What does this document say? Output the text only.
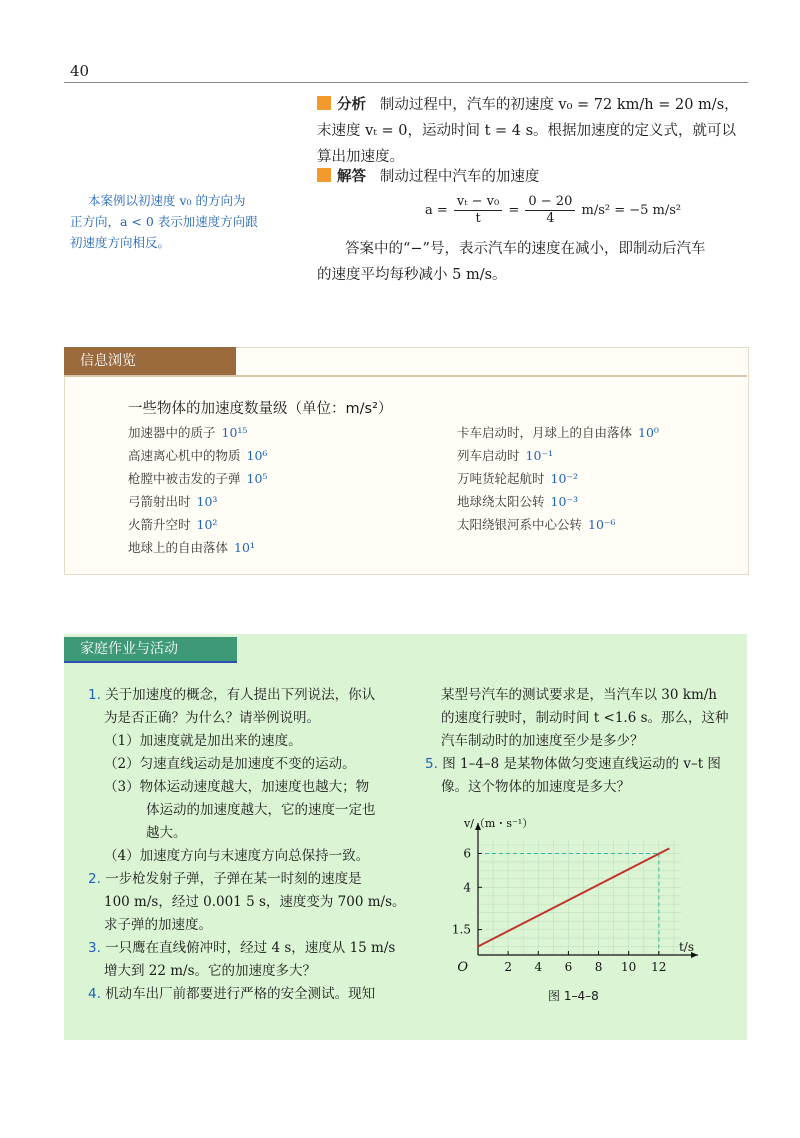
40
分析 制动过程中，汽车的初速度 v₀ = 72 km/h = 20 m/s，
末速度 vₜ = 0，运动时间 t = 4 s。根据加速度的定义式，就可以
算出加速度。
解答 制动过程中汽车的加速度
$a = \frac{\text{vₜ − v₀}}{t} = \frac{0 - 20}{4} m/s^2 = -5$ m/s²
答案中的“−”号，表示汽车的速度在减小，即制动后汽车
的速度平均每秒减小 5 m/s。
本案例以初速度 v₀ 的方向为
正方向，a < 0 表示加速度方向跟
初速度方向相反。
信息浏览
一些物体的加速度数量级（单位：m/s²）
加速器中的质子 10¹⁵
高速离心机中的物质 10⁶
枪膛中被击发的子弹 10⁵
弓箭射出时 10³
火箭升空时 10²
地球上的自由落体 10¹
卡车启动时，月球上的自由落体 10⁰
列车启动时 10⁻¹
万吨货轮起航时 10⁻²
地球绕太阳公转 10⁻³
太阳绕银河系中心公转 10⁻⁶
家庭作业与活动
1. 关于加速度的概念，有人提出下列说法，你认
为是否正确？为什么？请举例说明。
（1）加速度就是加出来的速度。
（2）匀速直线运动是加速度不变的运动。
（3）物体运动速度越大，加速度也越大；物
体运动的加速度越大，它的速度一定也
越大。
（4）加速度方向与末速度方向总保持一致。
2. 一步枪发射子弹，子弹在某一时刻的速度是
100 m/s，经过 0.001 5 s，速度变为 700 m/s。
求子弹的加速度。
3. 一只鹰在直线俯冲时，经过 4 s，速度从 15 m/s
增大到 22 m/s。它的加速度多大？
4. 机动车出厂前都要进行严格的安全测试。现知
某型号汽车的测试要求是，当汽车以 30 km/h
的速度行驶时，制动时间 t <1.6 s。那么，这种
汽车制动时的加速度至少是多少？
5. 图 1–4–8 是某物体做匀变速直线运动的 v–t 图
像。这个物体的加速度是多大？
2 4 6 8 10 12
1.5
4
6
O
t/s
v/（m・s⁻¹）
图 1–4–8
